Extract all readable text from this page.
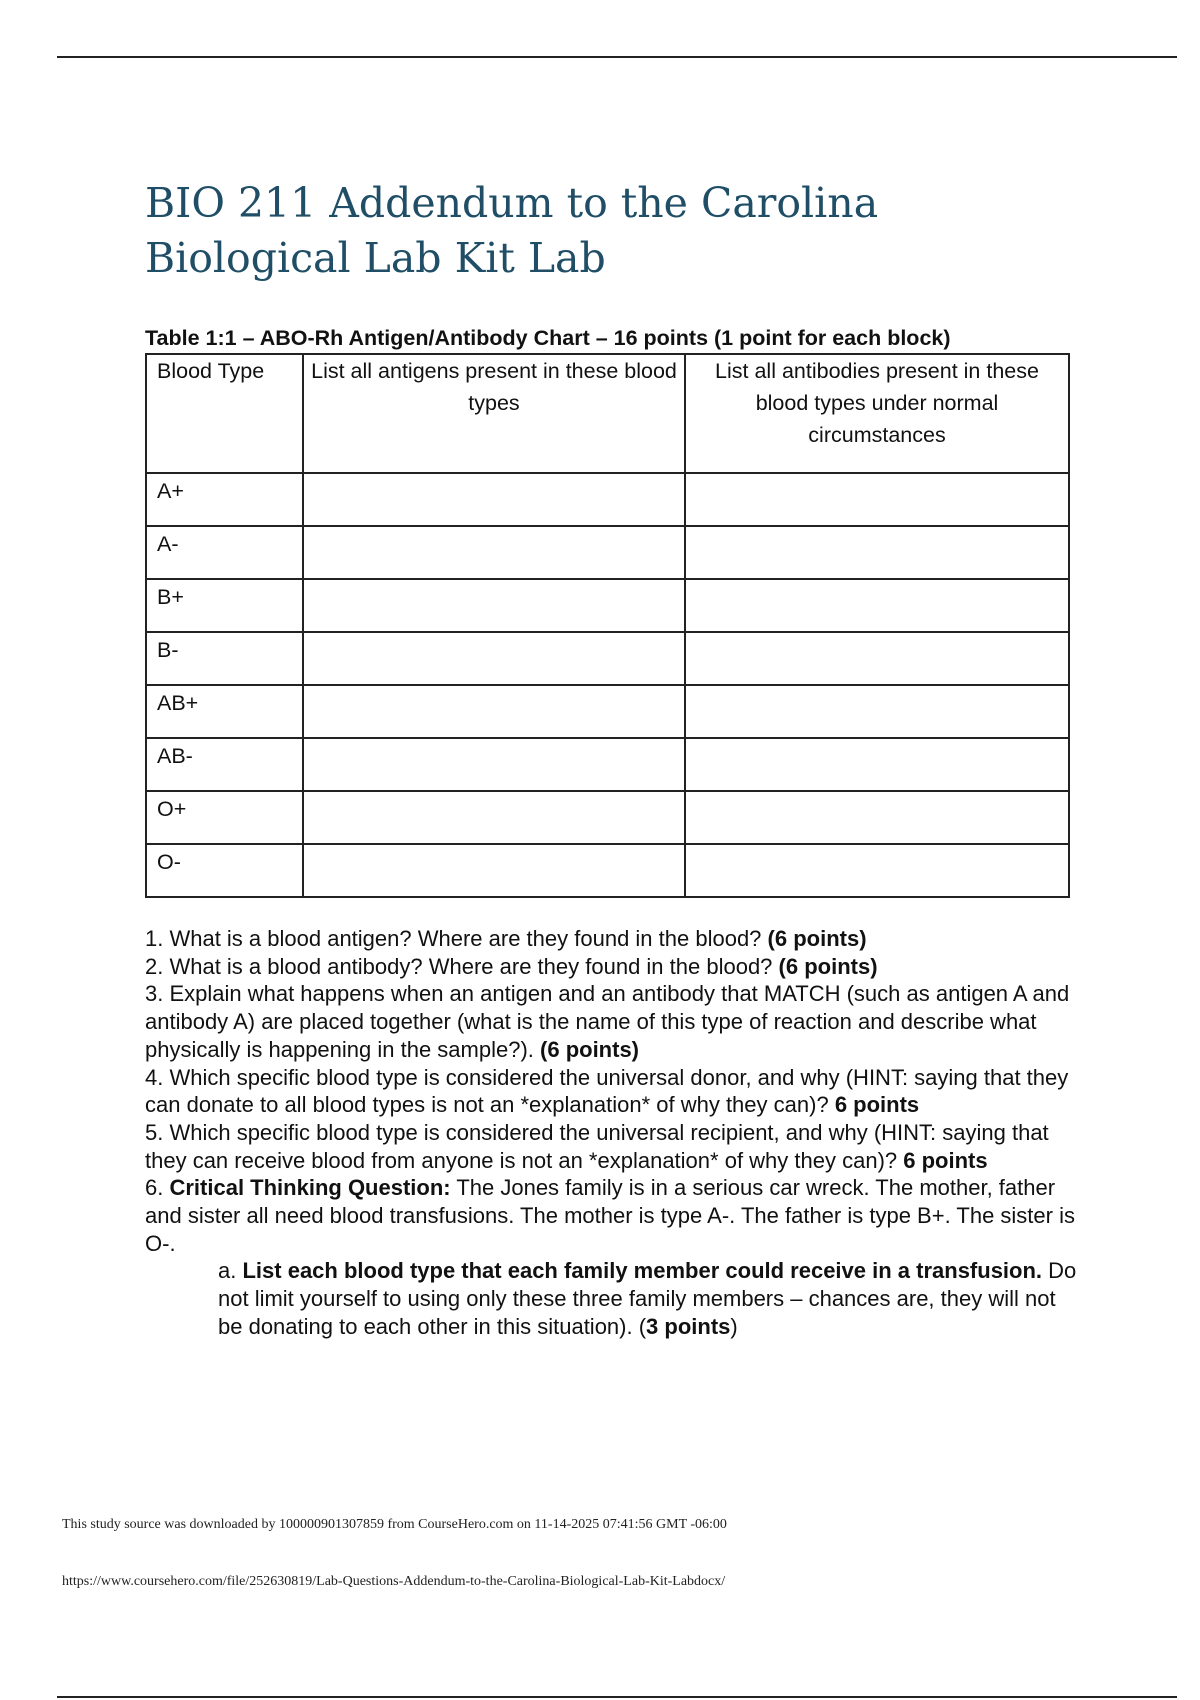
BIO 211 Addendum to the Carolina Biological Lab Kit Lab
Table 1:1 – ABO-Rh Antigen/Antibody Chart – 16 points (1 point for each block)
Blood Type	List all antigens present in these blood types	List all antibodies present in these blood types under normal circumstances
A+		
A-		
B+		
B-		
AB+		
AB-		
O+		
O-		

1. What is a blood antigen? Where are they found in the blood? (6 points)

2. What is a blood antibody? Where are they found in the blood? (6 points)

3. Explain what happens when an antigen and an antibody that MATCH (such as antigen A and antibody A) are placed together (what is the name of this type of reaction and describe what physically is happening in the sample?). (6 points)

4. Which specific blood type is considered the universal donor, and why (HINT: saying that they can donate to all blood types is not an *explanation* of why they can)? 6 points

5. Which specific blood type is considered the universal recipient, and why (HINT: saying that they can receive blood from anyone is not an *explanation* of why they can)? 6 points

6. Critical Thinking Question: The Jones family is in a serious car wreck. The mother, father and sister all need blood transfusions. The mother is type A-. The father is type B+. The sister is O-.

a. List each blood type that each family member could receive in a transfusion. Do not limit yourself to using only these three family members – chances are, they will not be donating to each other in this situation). (3 points)

This study source was downloaded by 100000901307859 from CourseHero.com on 11-14-2025 07:41:56 GMT -06:00
https://www.coursehero.com/file/252630819/Lab-Questions-Addendum-to-the-Carolina-Biological-Lab-Kit-Labdocx/
